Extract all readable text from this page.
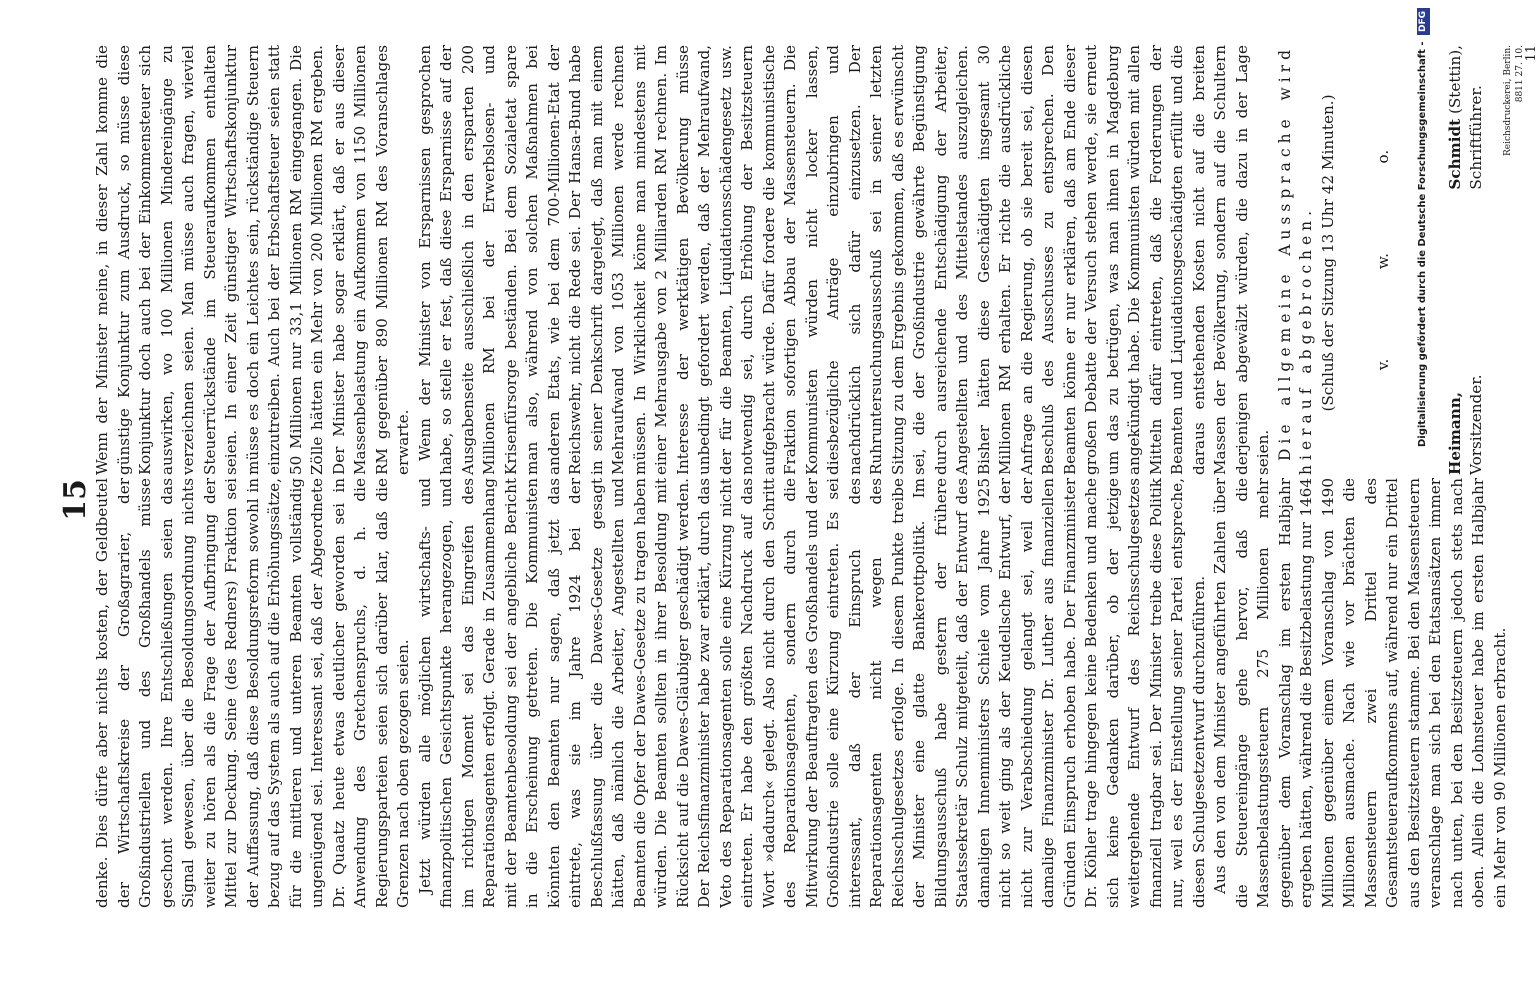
15 denke. Dies dürfe aber nichts kosten, der Geldbeutel der Wirtschaftskreise der Großagrarier, der Großindustriellen und des Großhandels müsse geschont werden. Ihre Entschließungen seien das Signal gewesen, über die Besoldungsordnung nichts weiter zu hören als die Frage der Aufbringung der Mittel zur Deckung. Seine (des Redners) Fraktion sei der Auffassung, daß diese Besoldungsreform sowohl in bezug auf das System als auch auf die Erhöhungssätze, für die mittleren und unteren Beamten vollständig ungenügend sei. Interessant sei, daß der Abgeordnete Dr. Quaatz heute etwas deutlicher geworden sei in Anwendung des Gretchenspruchs, d. h. die Regierungsparteien seien sich darüber klar, daß die Grenzen nach oben gezogen seien. Jetzt würden alle möglichen wirtschafts- und finanzpolitischen Gesichtspunkte herangezogen, und im richtigen Moment sei das Eingreifen des Reparationsagenten erfolgt. Gerade in Zusammenhang mit der Beamtenbesoldung sei der angebliche Bericht in die Erscheinung getreten. Die Kommunisten könnten den Beamten nur sagen, daß jetzt das eintrete, was sie im Jahre 1924 bei der Beschlußfassung über die Dawes-Gesetze gesagt hätten, daß nämlich die Arbeiter, Angestellten und Beamten die Opfer der Dawes-Gesetze zu tragen haben würden. Die Beamten sollten in ihrer Besoldung mit Rücksicht auf die Dawes-Gläubiger geschädigt werden. Der Reichsfinanzminister habe zwar erklärt, durch das Veto des Reparationsagenten solle eine Kürzung nicht eintreten. Er habe den größten Nachdruck auf das Wort »dadurch« gelegt. Also nicht durch den Schritt des Reparationsagenten, sondern durch die Mitwirkung der Beauftragten des Großhandels und der Großindustrie solle eine Kürzung eintreten. Es sei interessant, daß der Einspruch des Reparationsagenten nicht wegen des Reichsschulgesetzes erfolge. In diesem Punkte treibe der Minister eine glatte Bankerottpolitik. Im Bildungsausschuß habe gestern der frühere Staatssekretär Schulz mitgeteilt, daß der Entwurf des damaligen Innenministers Schiele vom Jahre 1925 nicht so weit ging als der Keudellsche Entwurf, der nicht zur Verabschiedung gelangt sei, weil der damalige Finanzminister Dr. Luther aus finanziellen Gründen Einspruch erhoben habe. Der Finanzminister Dr. Köhler trage hingegen keine Bedenken und mache sich keine Gedanken darüber, ob der jetzige weitergehende Entwurf des Reichsschulgesetzes finanziell tragbar sei. Der Minister treibe diese Politik nur, weil es der Einstellung seiner Partei entspreche, diesen Schulgesetzentwurf durchzuführen. Aus den von dem Minister angeführten Zahlen über die Steuereingänge gehe hervor, daß die Massenbelastungssteuern 275 Millionen mehr gegenüber dem Voranschlag im ersten Halbjahr ergeben hätten, während die Besitzbelastung nur 1464 Millionen gegenüber einem Voranschlag von 1490 Millionen ausmache. Nach wie vor brächten die Massensteuern zwei Drittel des Gesamtsteueraufkommens auf, während nur ein Drittel aus den Besitzsteuern stamme. Bei den Massensteuern veranschlage man sich bei den Etatsansätzen immer nach unten, bei den Besitzsteuern jedoch stets nach oben. Allein die Lohnsteuer habe im ersten Halbjahr ein Mehr von 90 Millionen erbracht.

Wenn der Minister meine, in dieser Zahl komme die günstige Konjunktur zum Ausdruck, so müsse diese Konjunktur doch auch bei der Einkommensteuer sich auswirken, wo 100 Millionen Mindereingänge zu verzeichnen seien. Man müsse auch fragen, wieviel Steuerrückstände im Steueraufkommen enthalten seien. In einer Zeit günstiger Wirtschaftskonjunktur müsse es doch ein Leichtes sein, rückständige Steuern einzutreiben. Auch bei der Erbschaftsteuer seien statt 50 Millionen nur 33,1 Millionen RM eingegangen. Die Zölle hätten ein Mehr von 200 Millionen RM ergeben. Der Minister habe sogar erklärt, daß er aus dieser Massenbelastung ein Aufkommen von 1150 Millionen RM gegenüber 890 Millionen RM des Voranschlages erwarte. Wenn der Minister von Ersparnissen gesprochen habe, so stelle er fest, daß diese Ersparnisse auf der Ausgabenseite ausschließlich in den ersparten 200 Millionen RM bei der Erwerbslosen- und Krisenfürsorge beständen. Bei dem Sozialetat spare man also, während von solchen Maßnahmen bei anderen Etats, wie bei dem 700-Millionen-Etat der Reichswehr, nicht die Rede sei. Der Hansa-Bund habe in seiner Denkschrift dargelegt, daß man mit einem Mehraufwand von 1053 Millionen werde rechnen müssen. In Wirklichkeit könne man mindestens mit einer Mehrausgabe von 2 Milliarden RM rechnen. Im Interesse der werktätigen Bevölkerung müsse unbedingt gefordert werden, daß der Mehraufwand, der für die Beamten, Liquidationsschädengesetz usw. notwendig sei, durch Erhöhung der Besitzsteuern aufgebracht würde. Dafür fordere die kommunistische Fraktion sofortigen Abbau der Massensteuern. Die Kommunisten würden nicht locker lassen, diesbezügliche Anträge einzubringen und nachdrücklich sich dafür einzusetzen. Der Ruhruntersuchungsausschuß sei in seiner letzten Sitzung zu dem Ergebnis gekommen, daß es erwünscht sei, die der Großindustrie gewährte Begünstigung durch ausreichende Entschädigung der Arbeiter, Angestellten und des Mittelstandes auszugleichen. Bisher hätten diese Geschädigten insgesamt 30 Millionen RM erhalten. Er richte die ausdrückliche Anfrage an die Regierung, ob sie bereit sei, diesen Beschluß des Ausschusses zu entsprechen. Den Beamten könne er nur erklären, daß am Ende dieser großen Debatte der Versuch stehen werde, sie erneut um das zu betrügen, was man ihnen in Magdeburg angekündigt habe. Die Kommunisten würden mit allen Mitteln dafür eintreten, daß die Forderungen der Beamten und Liquidationsgeschädigten erfüllt und die daraus entstehenden Kosten nicht auf die breiten Massen der Bevölkerung, sondern auf die Schultern derjenigen abgewälzt würden, die dazu in der Lage seien. Die allgemeine Aussprache wird hierauf abgebrochen. (Schluß der Sitzung 13 Uhr 42 Minuten.) v.
w.
o.
Heimann, Vorsitzender.
Schmidt (Stettin),
Schriftführer. Reichsdruckerei, Berlin. 8811 27. 10. 11
Digitalisierung gefördert durch die Deutsche Forschungsgemeinschaft - DFG
